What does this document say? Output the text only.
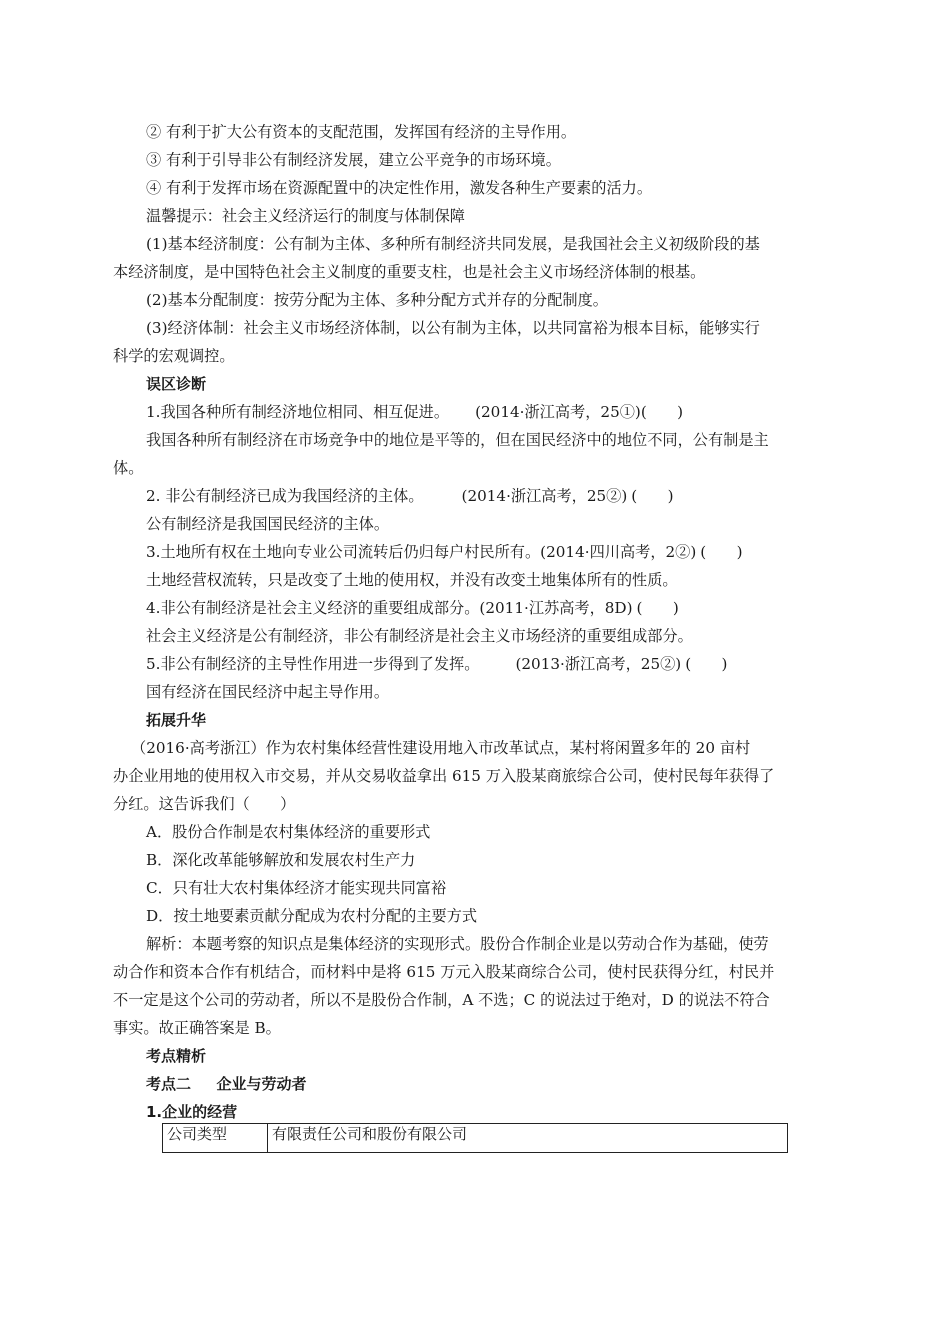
② 有利于扩大公有资本的支配范围，发挥国有经济的主导作用。
③ 有利于引导非公有制经济发展，建立公平竞争的市场环境。
④ 有利于发挥市场在资源配置中的决定性作用，激发各种生产要素的活力。
温馨提示：社会主义经济运行的制度与体制保障
(1)基本经济制度：公有制为主体、多种所有制经济共同发展，是我国社会主义初级阶段的基
本经济制度，是中国特色社会主义制度的重要支柱，也是社会主义市场经济体制的根基。
(2)基本分配制度：按劳分配为主体、多种分配方式并存的分配制度。
(3)经济体制：社会主义市场经济体制，以公有制为主体，以共同富裕为根本目标，能够实行
科学的宏观调控。
误区诊断
1.我国各种所有制经济地位相同、相互促进。 (2014·浙江高考，25①)(　　)
我国各种所有制经济在市场竞争中的地位是平等的，但在国民经济中的地位不同，公有制是主
体。
2. 非公有制经济已成为我国经济的主体。	(2014·浙江高考，25②) (　　)
公有制经济是我国国民经济的主体。
3.土地所有权在土地向专业公司流转后仍归每户村民所有。(2014·四川高考，2②) (　　)
土地经营权流转，只是改变了土地的使用权，并没有改变土地集体所有的性质。
4.非公有制经济是社会主义经济的重要组成部分。(2011·江苏高考，8D) (　　)
社会主义经济是公有制经济，非公有制经济是社会主义市场经济的重要组成部分。
5.非公有制经济的主导性作用进一步得到了发挥。 (2013·浙江高考，25②) (　　)
国有经济在国民经济中起主导作用。
拓展升华
（2016·高考浙江）作为农村集体经营性建设用地入市改革试点，某村将闲置多年的 20 亩村
办企业用地的使用权入市交易，并从交易收益拿出 615 万入股某商旅综合公司，使村民每年获得了
分红。这告诉我们（　　）
A．股份合作制是农村集体经济的重要形式
B．深化改革能够解放和发展农村生产力
C．只有壮大农村集体经济才能实现共同富裕
D．按土地要素贡献分配成为农村分配的主要方式
解析：本题考察的知识点是集体经济的实现形式。股份合作制企业是以劳动合作为基础，使劳
动合作和资本合作有机结合，而材料中是将 615 万元入股某商综合公司，使村民获得分红，村民并
不一定是这个公司的劳动者，所以不是股份合作制，A 不选；C 的说法过于绝对，D 的说法不符合
事实。故正确答案是 B。
考点精析
考点二　  企业与劳动者
1.企业的经营
公司类型	有限责任公司和股份有限公司
